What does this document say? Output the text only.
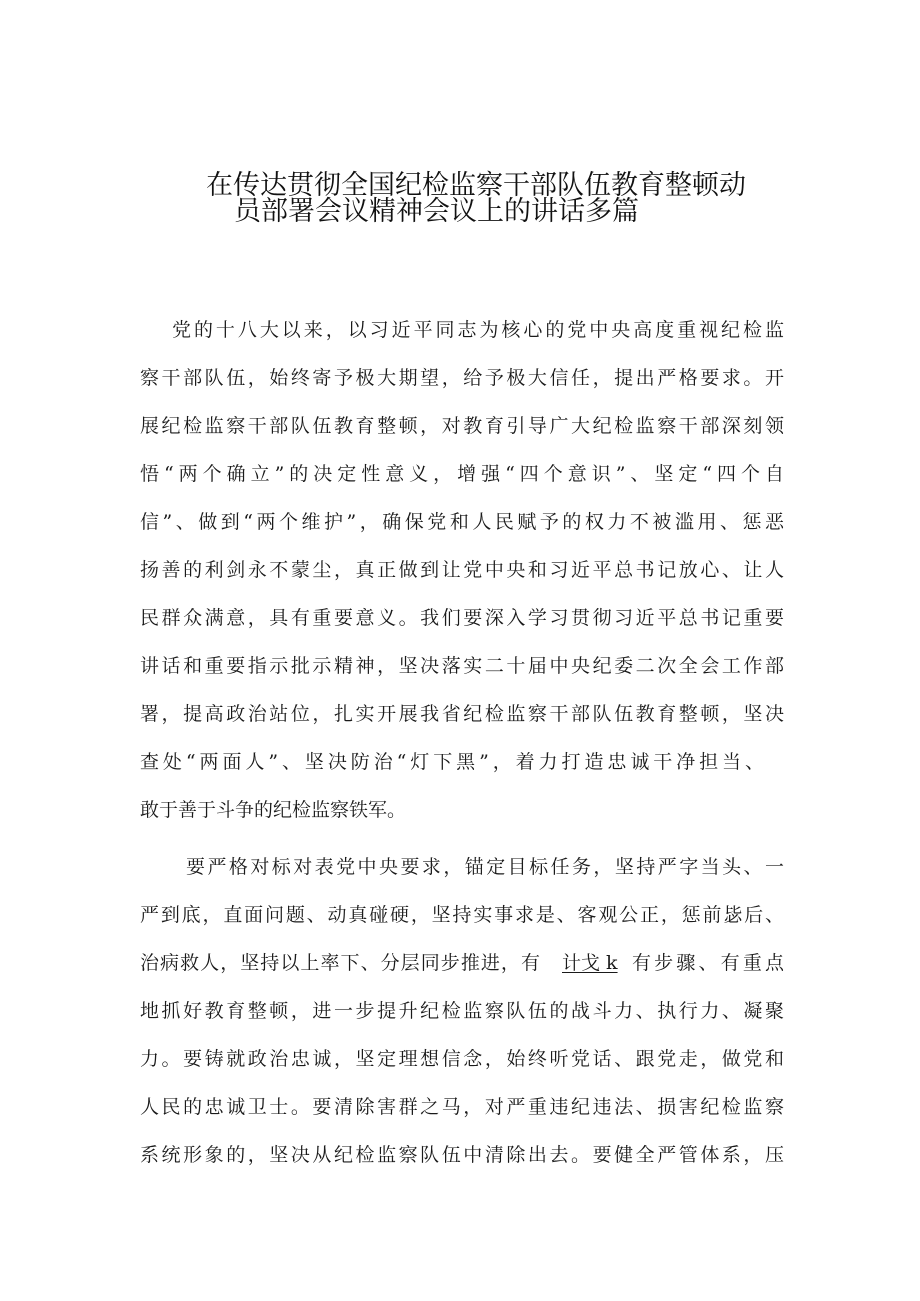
在传达贯彻全国纪检监察干部队伍教育整顿动
员部署会议精神会议上的讲话多篇
党的十八大以来，以习近平同志为核心的党中央高度重视纪检监
察干部队伍，始终寄予极大期望，给予极大信任，提出严格要求。开
展纪检监察干部队伍教育整顿，对教育引导广大纪检监察干部深刻领
悟“两个确立”的决定性意义，增强“四个意识”、坚定“四个自
信”、做到“两个维护”，确保党和人民赋予的权力不被滥用、惩恶
扬善的利剑永不蒙尘，真正做到让党中央和习近平总书记放心、让人
民群众满意，具有重要意义。我们要深入学习贯彻习近平总书记重要
讲话和重要指示批示精神，坚决落实二十届中央纪委二次全会工作部
署，提高政治站位，扎实开展我省纪检监察干部队伍教育整顿，坚决
查处“两面人”、坚决防治“灯下黑”，着力打造忠诚干净担当、
敢于善于斗争的纪检监察铁军。
要严格对标对表党中央要求，锚定目标任务，坚持严字当头、一
严到底，直面问题、动真碰硬，坚持实事求是、客观公正，惩前毖后、
治病救人，坚持以上率下、分层同步推进，有 计戈 k 有步骤、有重点
地抓好教育整顿，进一步提升纪检监察队伍的战斗力、执行力、凝聚
力。要铸就政治忠诚，坚定理想信念，始终听党话、跟党走，做党和
人民的忠诚卫士。要清除害群之马，对严重违纪违法、损害纪检监察
系统形象的，坚决从纪检监察队伍中清除出去。要健全严管体系，压
